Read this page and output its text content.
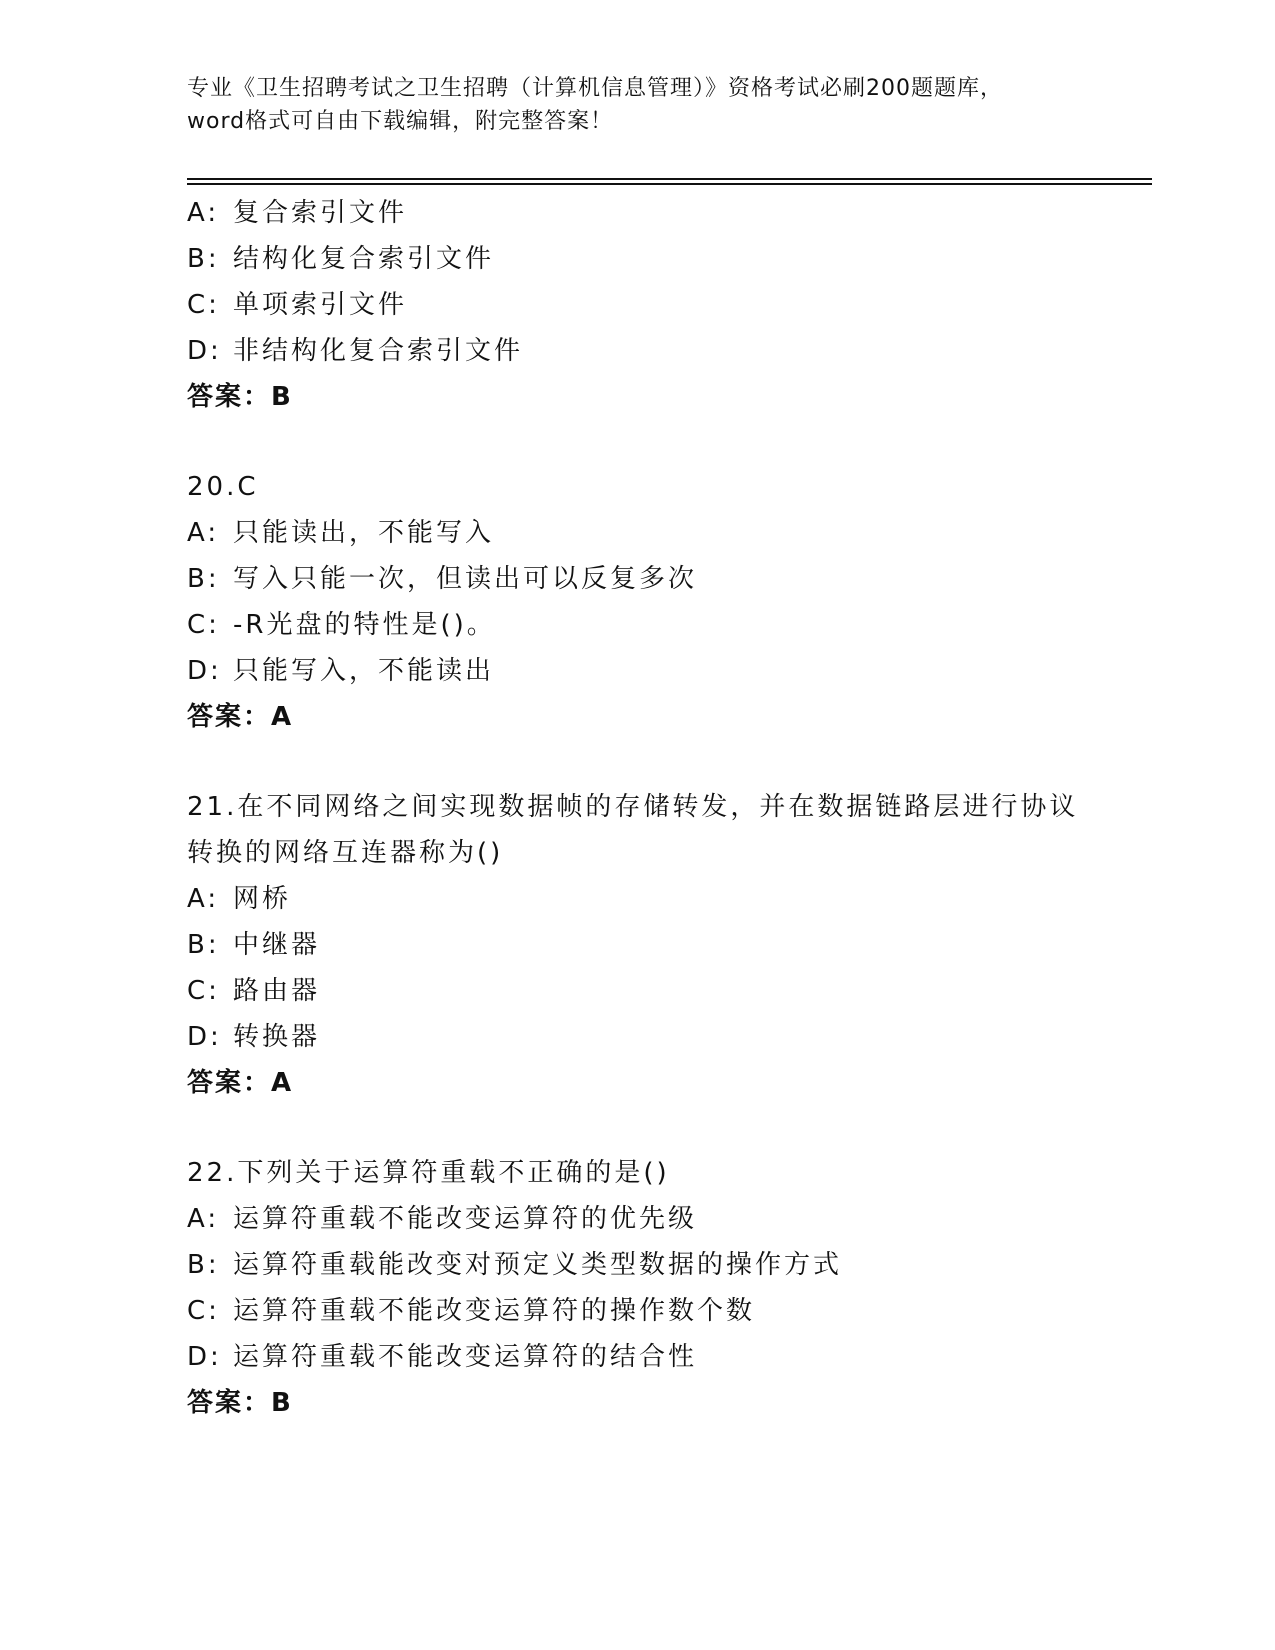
专业《卫生招聘考试之卫生招聘（计算机信息管理）》资格考试必刷200题题库，
word格式可自由下载编辑，附完整答案！
A: 复合索引文件
B: 结构化复合索引文件
C: 单项索引文件
D: 非结构化复合索引文件
答案：B
20.C
A: 只能读出，不能写入
B: 写入只能一次，但读出可以反复多次
C: -R光盘的特性是()。
D: 只能写入，不能读出
答案：A
21.在不同网络之间实现数据帧的存储转发，并在数据链路层进行协议
转换的网络互连器称为()
A: 网桥
B: 中继器
C: 路由器
D: 转换器
答案：A
22.下列关于运算符重载不正确的是()
A: 运算符重载不能改变运算符的优先级
B: 运算符重载能改变对预定义类型数据的操作方式
C: 运算符重载不能改变运算符的操作数个数
D: 运算符重载不能改变运算符的结合性
答案：B
